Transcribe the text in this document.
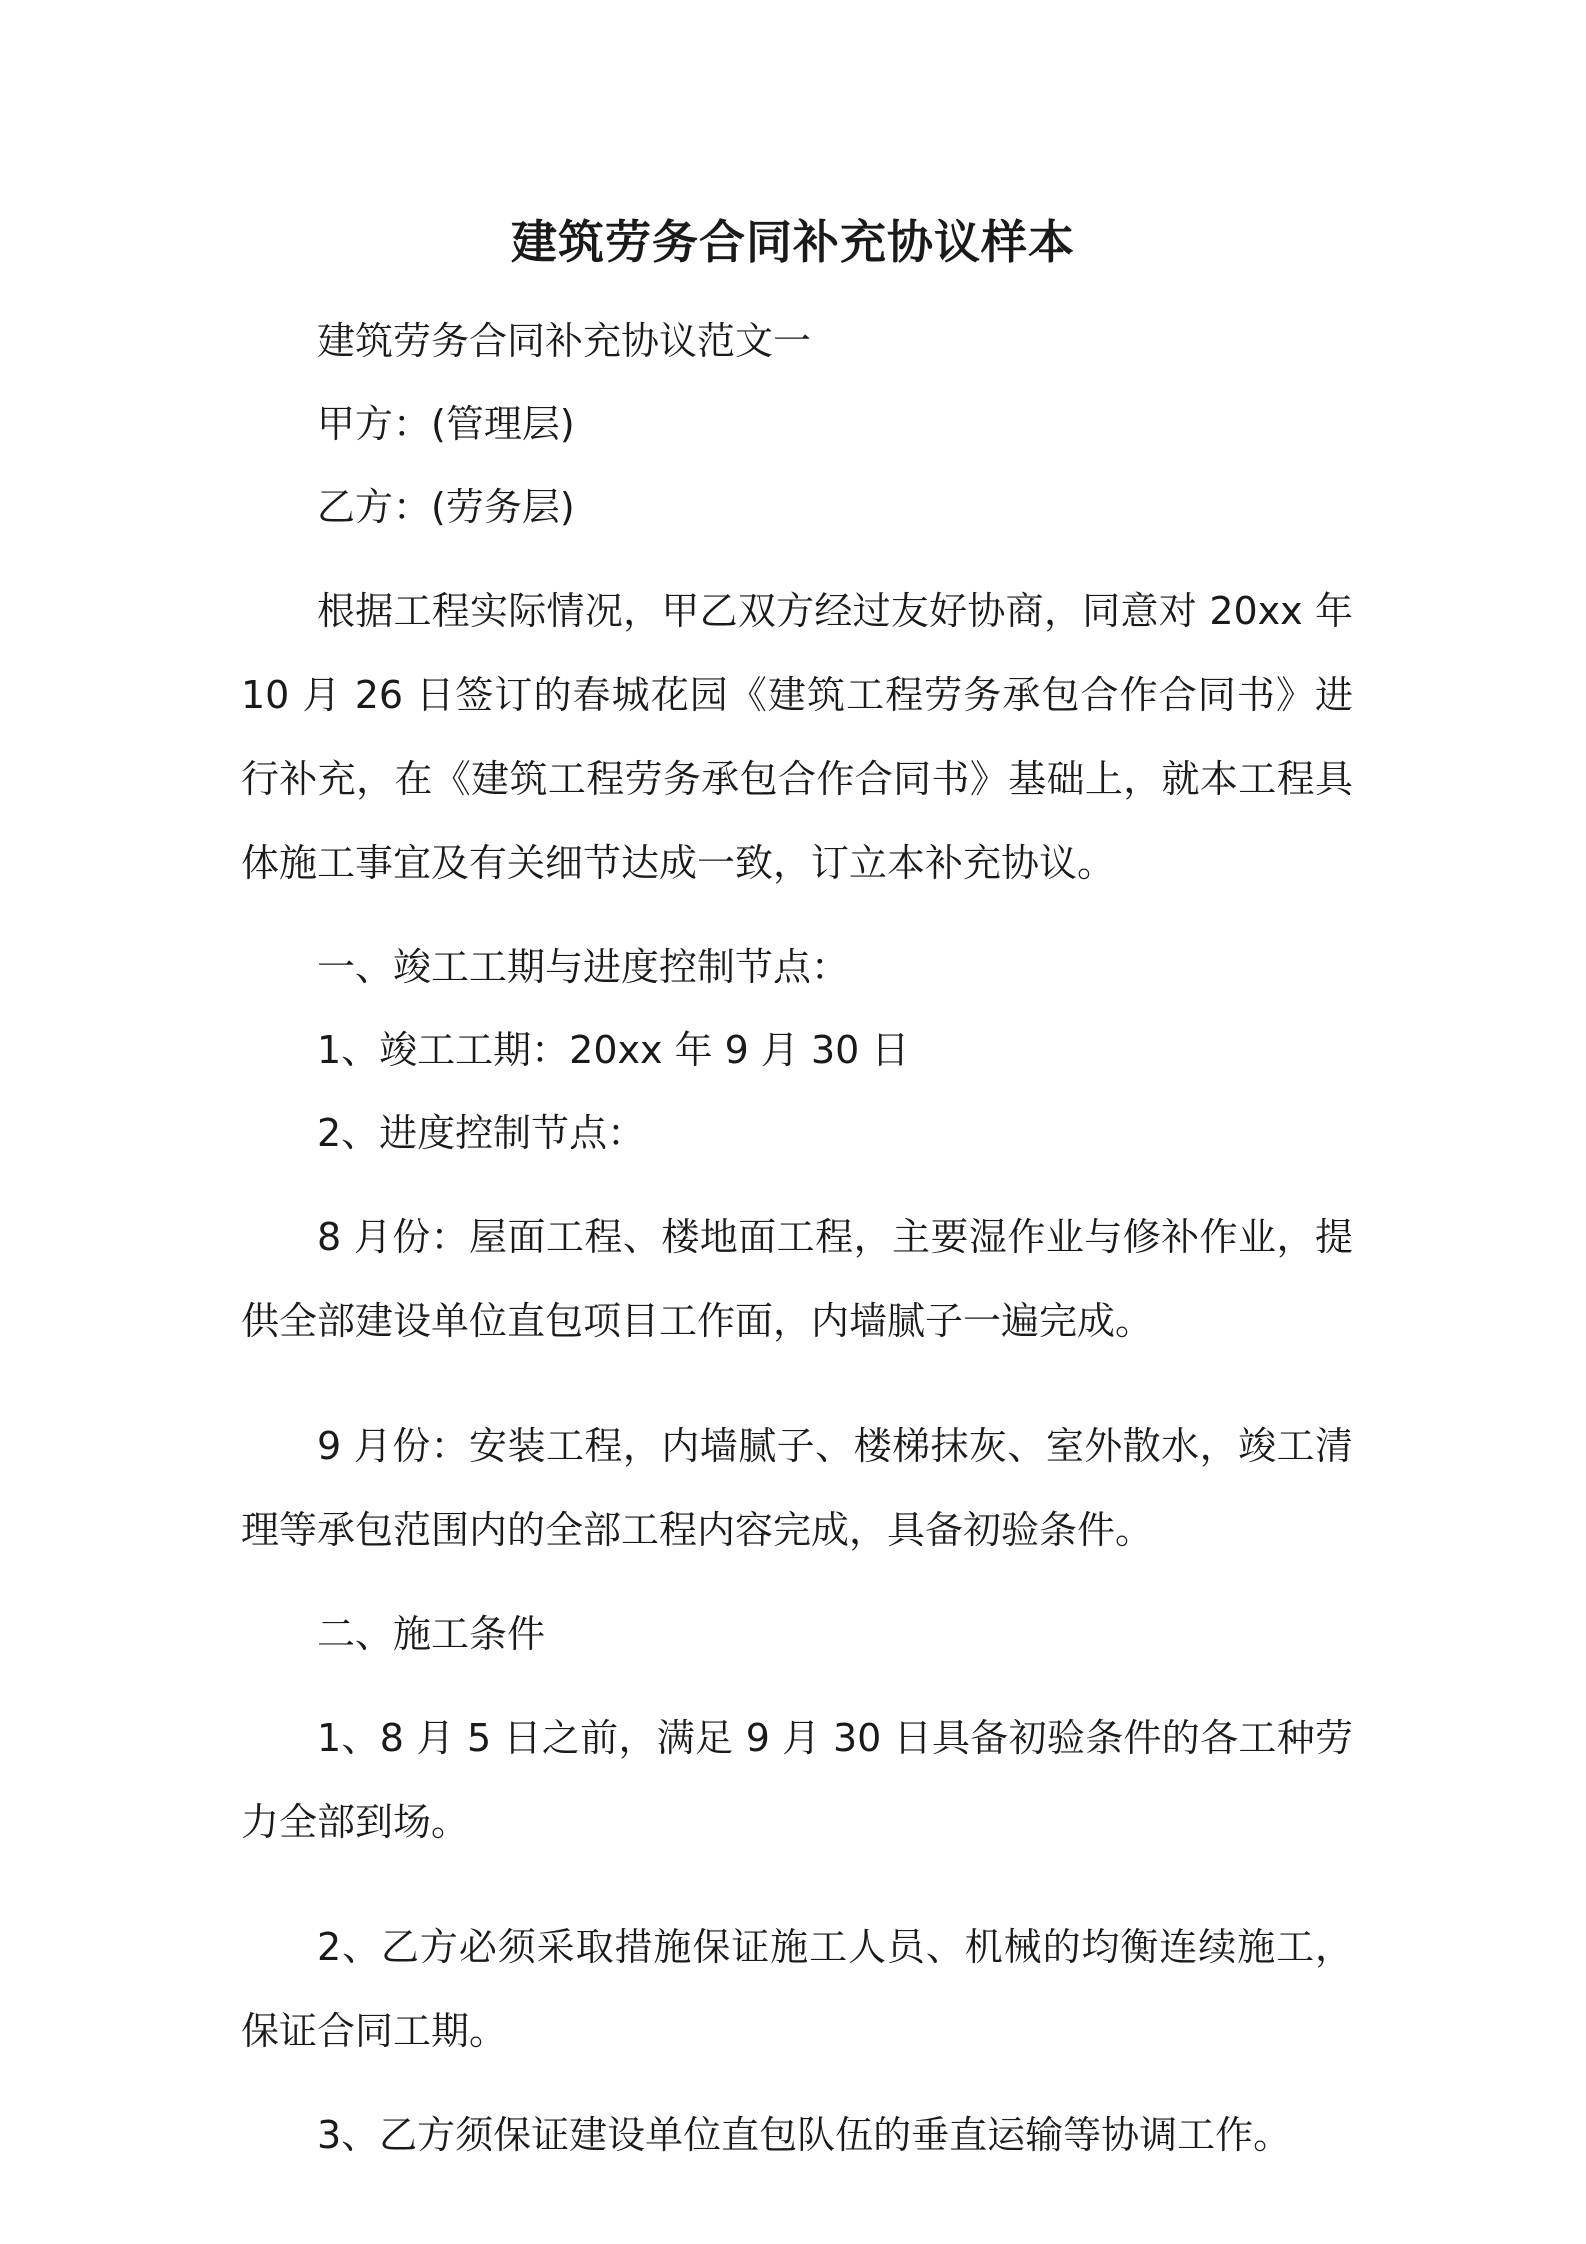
建筑劳务合同补充协议样本

建筑劳务合同补充协议范文一

甲方：(管理层)

乙方：(劳务层)

根据工程实际情况，甲乙双方经过友好协商，同意对 20xx 年 10 月 26 日签订的春城花园《建筑工程劳务承包合作合同书》进行补充，在《建筑工程劳务承包合作合同书》基础上，就本工程具体施工事宜及有关细节达成一致，订立本补充协议。

一、竣工工期与进度控制节点：

1、竣工工期：20xx 年 9 月 30 日

2、进度控制节点：

8 月份：屋面工程、楼地面工程，主要湿作业与修补作业，提供全部建设单位直包项目工作面，内墙腻子一遍完成。

9 月份：安装工程，内墙腻子、楼梯抹灰、室外散水，竣工清理等承包范围内的全部工程内容完成，具备初验条件。

二、施工条件

1、8 月 5 日之前，满足 9 月 30 日具备初验条件的各工种劳力全部到场。

2、乙方必须采取措施保证施工人员、机械的均衡连续施工，保证合同工期。

3、乙方须保证建设单位直包队伍的垂直运输等协调工作。
